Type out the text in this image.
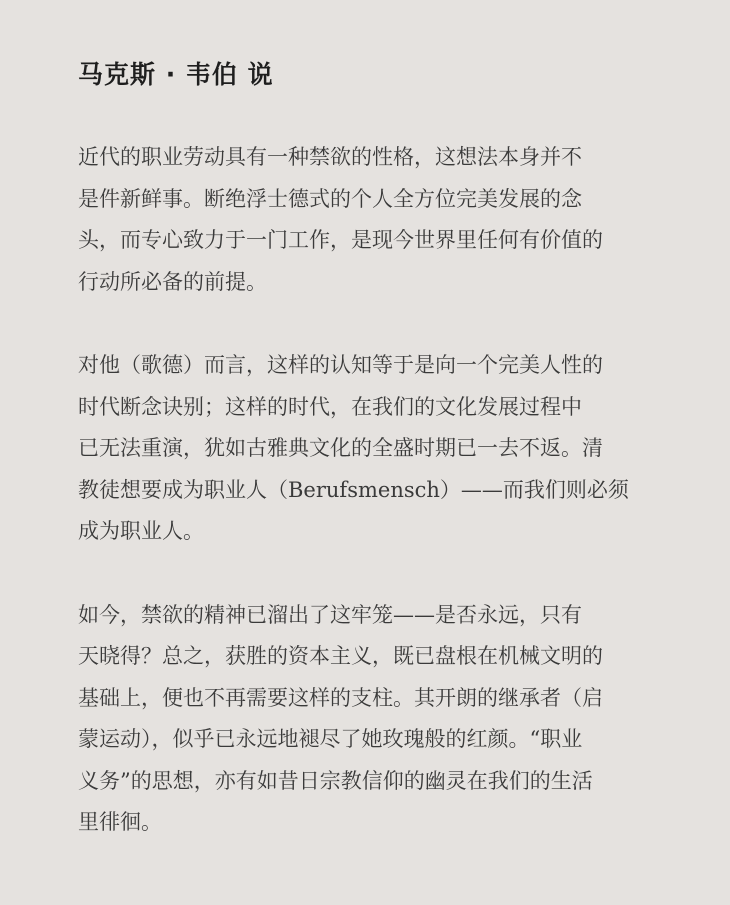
马克斯 · 韦伯 说
近代的职业劳动具有一种禁欲的性格，这想法本身并不
是件新鲜事。断绝浮士德式的个人全方位完美发展的念
头，而专心致力于一门工作，是现今世界里任何有价值的
行动所必备的前提。
对他（歌德）而言，这样的认知等于是向一个完美人性的
时代断念诀别；这样的时代，在我们的文化发展过程中
已无法重演，犹如古雅典文化的全盛时期已一去不返。清
教徒想要成为职业人（Berufsmensch）——而我们则必须
成为职业人。
如今，禁欲的精神已溜出了这牢笼——是否永远，只有
天晓得？总之，获胜的资本主义，既已盘根在机械文明的
基础上，便也不再需要这样的支柱。其开朗的继承者（启
蒙运动），似乎已永远地褪尽了她玫瑰般的红颜。“职业
义务”的思想，亦有如昔日宗教信仰的幽灵在我们的生活
里徘徊。
